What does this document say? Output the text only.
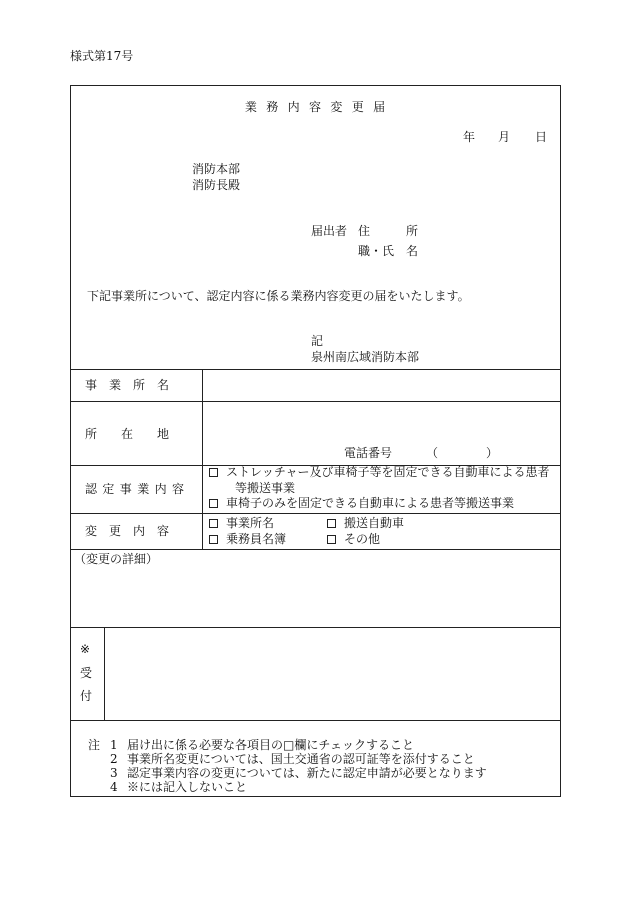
様式第17号
業務内容変更届
年 月 日
消防本部
消防長殿
届出者 住　　　所
職・氏　名
下記事業所について、認定内容に係る業務内容変更の届をいたします。
記
泉州南広域消防本部
事　業　所　名
所　　在　　地
電話番号	（　　　　）
認定事業内容
ストレッチャー及び車椅子等を固定できる自動車による患者
等搬送事業
車椅子のみを固定できる自動車による患者等搬送事業
変　更　内　容
事業所名	搬送自動車
乗務員名簿	その他
（変更の詳細）
※
受
付
注 1 届け出に係る必要な各項目の□欄にチェックすること
2 事業所名変更については、国土交通省の認可証等を添付すること
3 認定事業内容の変更については、新たに認定申請が必要となります
4 ※には記入しないこと
